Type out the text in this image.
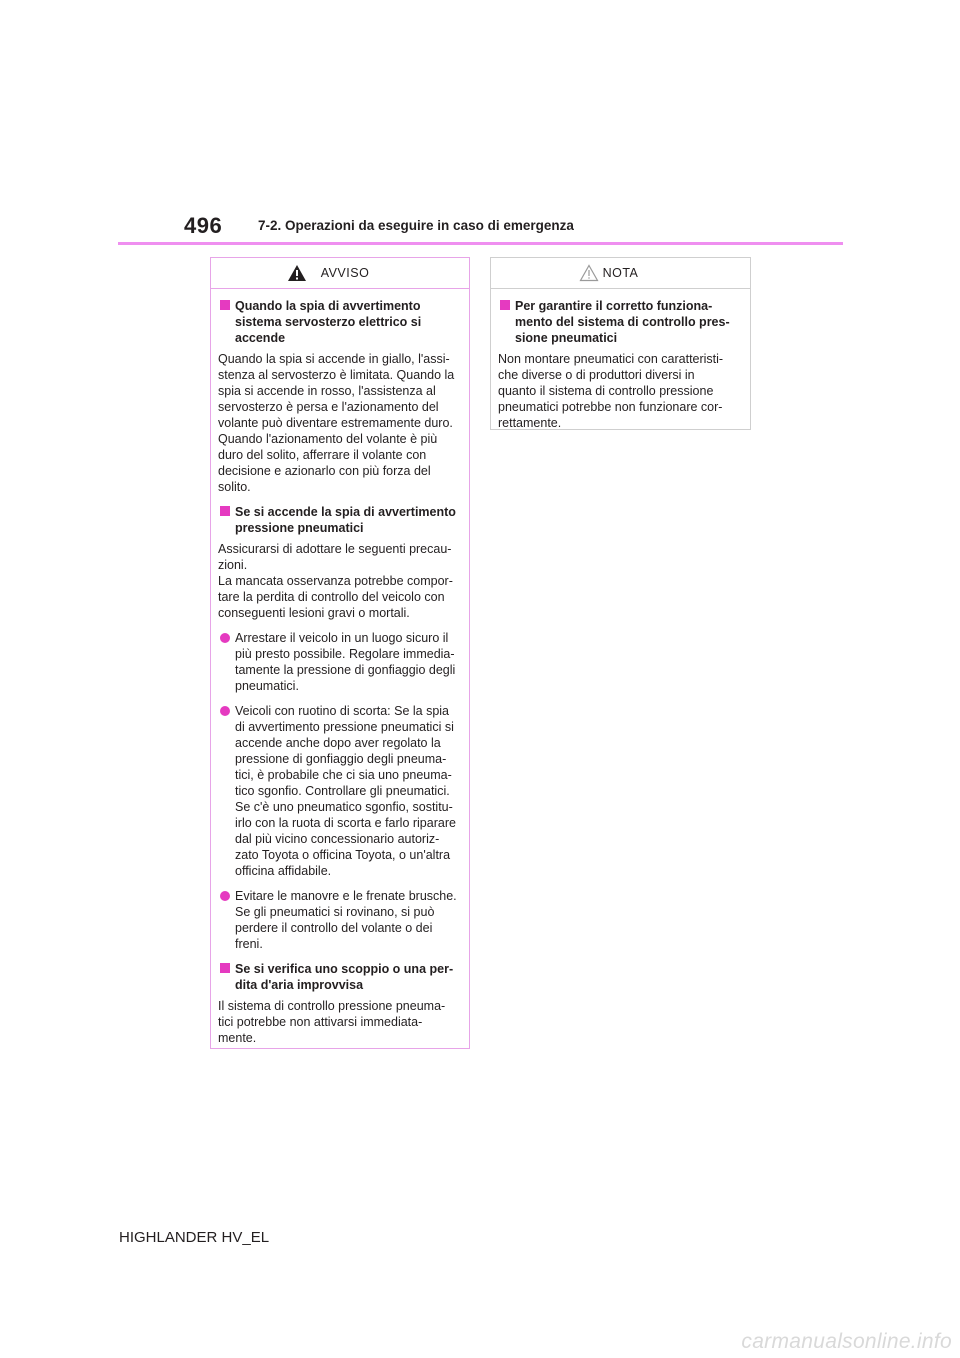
496	7-2. Operazioni da eseguire in caso di emergenza
AVVISO
Quando la spia di avvertimento
sistema servosterzo elettrico si
accende
Quando la spia si accende in giallo, l'assi-
stenza al servosterzo è limitata. Quando la
spia si accende in rosso, l'assistenza al
servosterzo è persa e l'azionamento del
volante può diventare estremamente duro.
Quando l'azionamento del volante è più
duro del solito, afferrare il volante con
decisione e azionarlo con più forza del
solito.
Se si accende la spia di avvertimento
pressione pneumatici
Assicurarsi di adottare le seguenti precau-
zioni.
La mancata osservanza potrebbe compor-
tare la perdita di controllo del veicolo con
conseguenti lesioni gravi o mortali.
Arrestare il veicolo in un luogo sicuro il
più presto possibile. Regolare immedia-
tamente la pressione di gonfiaggio degli
pneumatici.
Veicoli con ruotino di scorta: Se la spia
di avvertimento pressione pneumatici si
accende anche dopo aver regolato la
pressione di gonfiaggio degli pneuma-
tici, è probabile che ci sia uno pneuma-
tico sgonfio. Controllare gli pneumatici.
Se c'è uno pneumatico sgonfio, sostitu-
irlo con la ruota di scorta e farlo riparare
dal più vicino concessionario autoriz-
zato Toyota o officina Toyota, o un'altra
officina affidabile.
Evitare le manovre e le frenate brusche.
Se gli pneumatici si rovinano, si può
perdere il controllo del volante o dei
freni.
Se si verifica uno scoppio o una per-
dita d'aria improvvisa
Il sistema di controllo pressione pneuma-
tici potrebbe non attivarsi immediata-
mente.
NOTA
Per garantire il corretto funziona-
mento del sistema di controllo pres-
sione pneumatici
Non montare pneumatici con caratteristi-
che diverse o di produttori diversi in
quanto il sistema di controllo pressione
pneumatici potrebbe non funzionare cor-
rettamente.
HIGHLANDER HV_EL
carmanualsonline.info
